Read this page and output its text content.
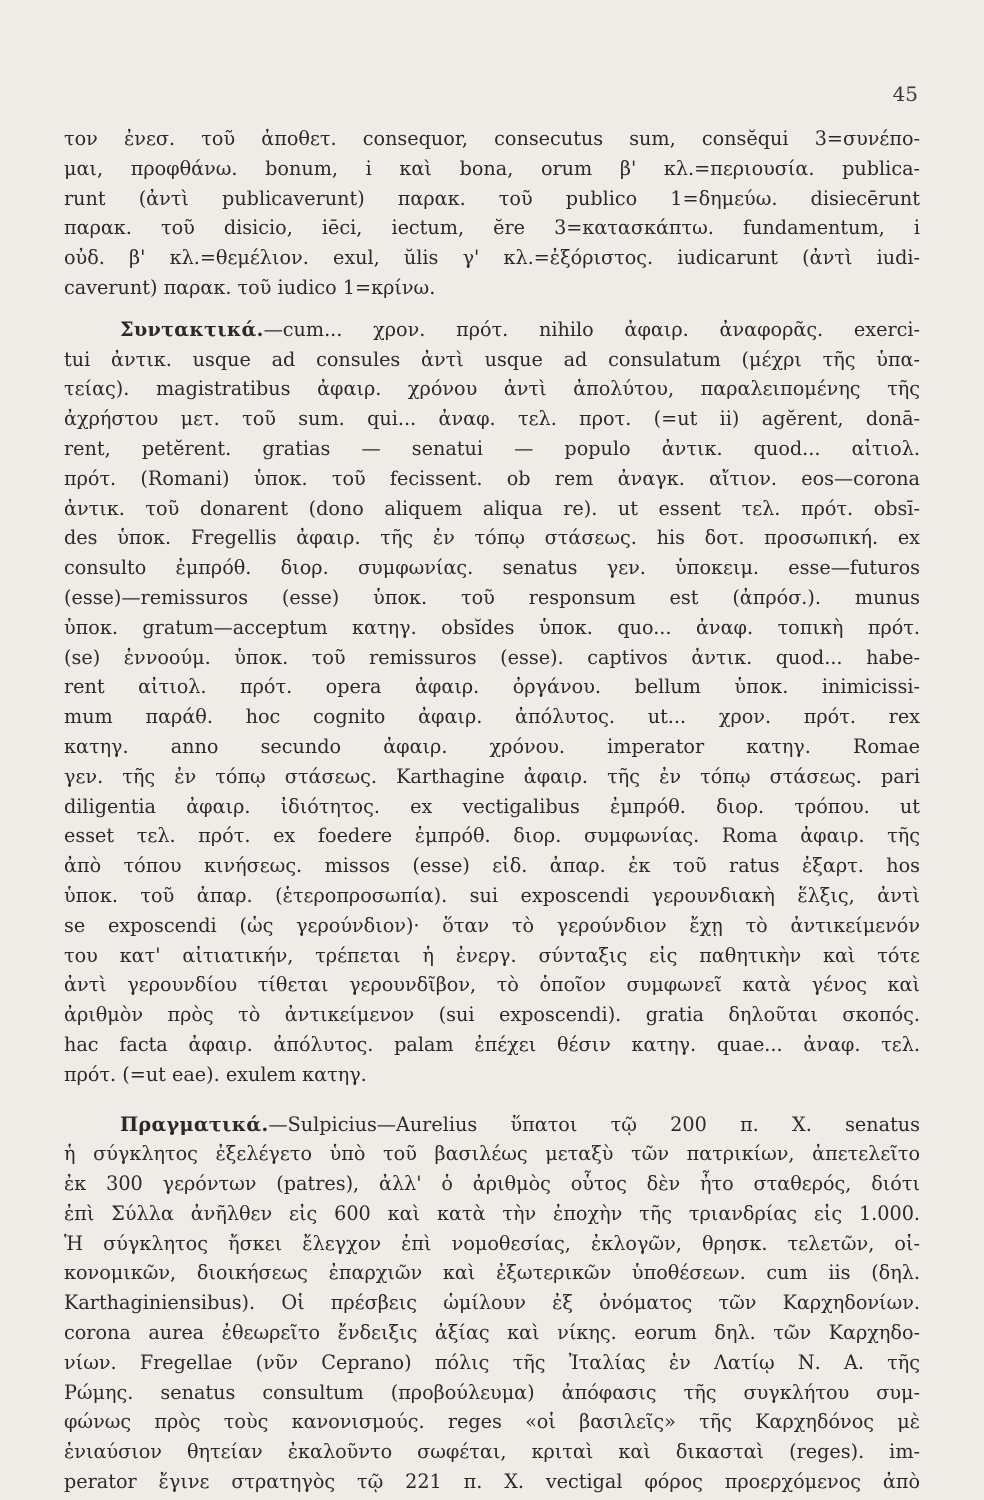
45
τον ἐνεσ. τοῦ ἀποθετ. consequor, consecutus sum, consĕqui 3=συνέπο-
μαι, προφθάνω. bonum, i καὶ bona, orum β' κλ.=περιουσία. publica-
runt (ἀντὶ publicaverunt) παρακ. τοῦ publico 1=δημεύω. disiecērunt
παρακ. τοῦ disicio, iēci, iectum, ĕre 3=κατασκάπτω. fundamentum, i
οὐδ. β' κλ.=θεμέλιον. exul, ŭlis γ' κλ.=ἐξόριστος. iudicarunt (ἀντὶ iudi-
caverunt) παρακ. τοῦ iudico 1=κρίνω.
Συντακτικά.—cum... χρον. πρότ. nihilo ἀφαιρ. ἀναφορᾶς. exerci-
tui ἀντικ. usque ad consules ἀντὶ usque ad consulatum (μέχρι τῆς ὑπα-
τείας). magistratibus ἀφαιρ. χρόνου ἀντὶ ἀπολύτου, παραλειπομένης τῆς
ἀχρήστου μετ. τοῦ sum. qui... ἀναφ. τελ. προτ. (=ut ii) agĕrent, donā-
rent, petĕrent. gratias — senatui — populo ἀντικ. quod... αἰτιολ.
πρότ. (Romani) ὑποκ. τοῦ fecissent. ob rem ἀναγκ. αἴτιον. eos—corona
ἀντικ. τοῦ donarent (dono aliquem aliqua re). ut essent τελ. πρότ. obsī-
des ὑποκ. Fregellis ἀφαιρ. τῆς ἐν τόπῳ στάσεως. his δοτ. προσωπική. ex
consulto ἐμπρόθ. διορ. συμφωνίας. senatus γεν. ὑποκειμ. esse—futuros
(esse)—remissuros (esse) ὑποκ. τοῦ responsum est (ἀπρόσ.). munus
ὑποκ. gratum—acceptum κατηγ. obsĭdes ὑποκ. quo... ἀναφ. τοπικὴ πρότ.
(se) ἐννοούμ. ὑποκ. τοῦ remissuros (esse). captivos ἀντικ. quod... habe-
rent αἰτιολ. πρότ. opera ἀφαιρ. ὀργάνου. bellum ὑποκ. inimicissi-
mum παράθ. hoc cognito ἀφαιρ. ἀπόλυτος. ut... χρον. πρότ. rex
κατηγ. anno secundo ἀφαιρ. χρόνου. imperator κατηγ. Romae
γεν. τῆς ἐν τόπῳ στάσεως. Karthagine ἀφαιρ. τῆς ἐν τόπῳ στάσεως. pari
diligentia ἀφαιρ. ἰδιότητος. ex vectigalibus ἐμπρόθ. διορ. τρόπου. ut
esset τελ. πρότ. ex foedere ἐμπρόθ. διορ. συμφωνίας. Roma ἀφαιρ. τῆς
ἀπὸ τόπου κινήσεως. missos (esse) εἰδ. ἀπαρ. ἐκ τοῦ ratus ἐξαρτ. hos
ὑποκ. τοῦ ἀπαρ. (ἑτεροπροσωπία). sui exposcendi γερουνδιακὴ ἕλξις, ἀντὶ
se exposcendi (ὡς γερούνδιον)· ὅταν τὸ γερούνδιον ἔχῃ τὸ ἀντικείμενόν
του κατ' αἰτιατικήν, τρέπεται ἡ ἐνεργ. σύνταξις εἰς παθητικὴν καὶ τότε
ἀντὶ γερουνδίου τίθεται γερουνδῖβον, τὸ ὁποῖον συμφωνεῖ κατὰ γένος καὶ
ἀριθμὸν πρὸς τὸ ἀντικείμενον (sui exposcendi). gratia δηλοῦται σκοπός.
hac facta ἀφαιρ. ἀπόλυτος. palam ἐπέχει θέσιν κατηγ. quae... ἀναφ. τελ.
πρότ. (=ut eae). exulem κατηγ.
Πραγματικά.—Sulpicius—Aurelius ὕπατοι τῷ 200 π. Χ. senatus
ἡ σύγκλητος ἐξελέγετο ὑπὸ τοῦ βασιλέως μεταξὺ τῶν πατρικίων, ἀπετελεῖτο
ἐκ 300 γερόντων (patres), ἀλλ' ὁ ἀριθμὸς οὗτος δὲν ἦτο σταθερός, διότι
ἐπὶ Σύλλα ἀνῆλθεν εἰς 600 καὶ κατὰ τὴν ἐποχὴν τῆς τριανδρίας εἰς 1.000.
Ἡ σύγκλητος ἤσκει ἔλεγχον ἐπὶ νομοθεσίας, ἐκλογῶν, θρησκ. τελετῶν, οἰ-
κονομικῶν, διοικήσεως ἐπαρχιῶν καὶ ἐξωτερικῶν ὑποθέσεων. cum iis (δηλ.
Karthaginiensibus). Οἱ πρέσβεις ὡμίλουν ἐξ ὀνόματος τῶν Καρχηδονίων.
corona aurea ἐθεωρεῖτο ἔνδειξις ἀξίας καὶ νίκης. eorum δηλ. τῶν Καρχηδο-
νίων. Fregellae (νῦν Ceprano) πόλις τῆς Ἰταλίας ἐν Λατίῳ Ν. Α. τῆς
Ρώμης. senatus consultum (προβούλευμα) ἀπόφασις τῆς συγκλήτου συμ-
φώνως πρὸς τοὺς κανονισμούς. reges «οἱ βασιλεῖς» τῆς Καρχηδόνος μὲ
ἐνιαύσιον θητείαν ἐκαλοῦντο σωφέται, κριταὶ καὶ δικασταὶ (reges). im-
perator ἔγινε στρατηγὸς τῷ 221 π. Χ. vectigal φόρος προερχόμενος ἀπὸ
